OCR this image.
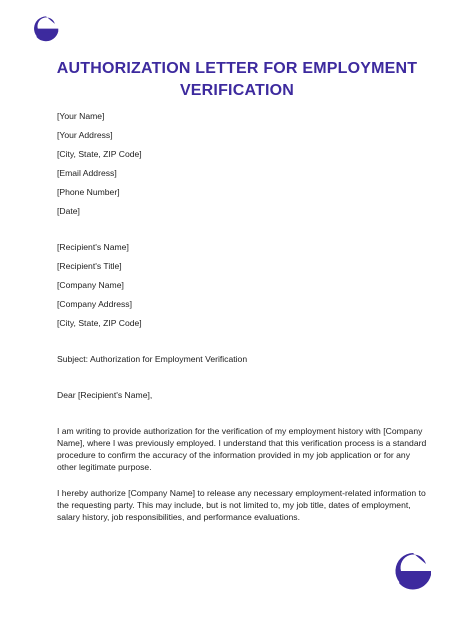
AUTHORIZATION LETTER FOR EMPLOYMENT VERIFICATION
[Your Name]
[Your Address]
[City, State, ZIP Code]
[Email Address]
[Phone Number]
[Date]
[Recipient's Name]
[Recipient's Title]
[Company Name]
[Company Address]
[City, State, ZIP Code]
Subject: Authorization for Employment Verification
Dear [Recipient's Name],
I am writing to provide authorization for the verification of my employment history with [Company Name], where I was previously employed. I understand that this verification process is a standard procedure to confirm the accuracy of the information provided in my job application or for any other legitimate purpose.
I hereby authorize [Company Name] to release any necessary employment-related information to the requesting party. This may include, but is not limited to, my job title, dates of employment, salary history, job responsibilities, and performance evaluations.
